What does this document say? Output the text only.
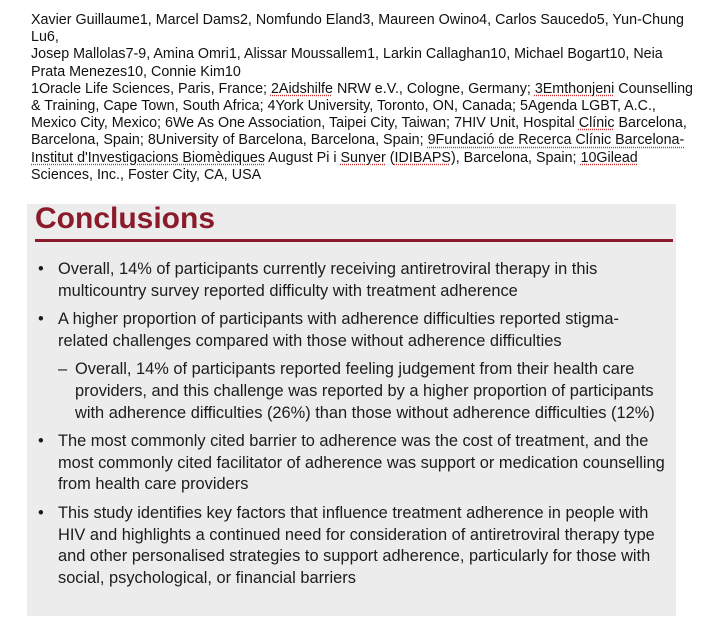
Xavier Guillaume1, Marcel Dams2, Nomfundo Eland3, Maureen Owino4, Carlos Saucedo5, Yun-Chung Lu6,

Josep Mallolas7-9, Amina Omri1, Alissar Moussallem1, Larkin Callaghan10, Michael Bogart10, Neia Prata Menezes10, Connie Kim10

1Oracle Life Sciences, Paris, France; 2Aidshilfe NRW e.V., Cologne, Germany; 3Emthonjeni Counselling & Training, Cape Town, South Africa; 4York University, Toronto, ON, Canada; 5Agenda LGBT, A.C., Mexico City, Mexico; 6We As One Association, Taipei City, Taiwan; 7HIV Unit, Hospital Clínic Barcelona, Barcelona, Spain; 8University of Barcelona, Barcelona, Spain; 9Fundació de Recerca Clínic Barcelona-Institut d'Investigacions Biomèdiques August Pi i Sunyer (IDIBAPS), Barcelona, Spain; 10Gilead Sciences, Inc., Foster City, CA, USA

Conclusions
• Overall, 14% of participants currently receiving antiretroviral therapy in this multicountry survey reported difficulty with treatment adherence
• A higher proportion of participants with adherence difficulties reported stigma-related challenges compared with those without adherence difficulties
– Overall, 14% of participants reported feeling judgement from their health care providers, and this challenge was reported by a higher proportion of participants with adherence difficulties (26%) than those without adherence difficulties (12%)
• The most commonly cited barrier to adherence was the cost of treatment, and the most commonly cited facilitator of adherence was support or medication counselling from health care providers
• This study identifies key factors that influence treatment adherence in people with HIV and highlights a continued need for consideration of antiretroviral therapy type and other personalised strategies to support adherence, particularly for those with social, psychological, or financial barriers
